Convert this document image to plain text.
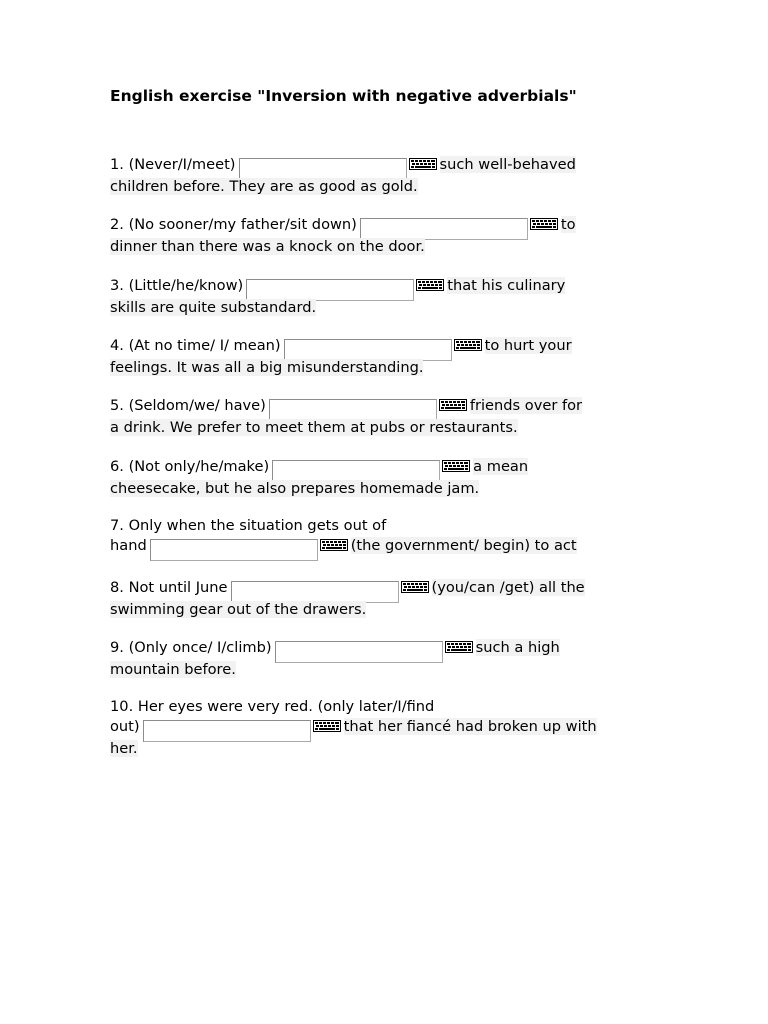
English exercise "Inversion with negative adverbials"
1. (Never/I/meet)	such well-behaved
children before. They are as good as gold.
2. (No sooner/my father/sit down)	to
dinner than there was a knock on the door.
3. (Little/he/know)	that his culinary
skills are quite substandard.
4. (At no time/ I/ mean)	to hurt your
feelings. It was all a big misunderstanding.
5. (Seldom/we/ have)	friends over for
a drink. We prefer to meet them at pubs or restaurants.
6. (Not only/he/make)	a mean
cheesecake, but he also prepares homemade jam.
7. Only when the situation gets out of
hand	(the government/ begin) to act
8. Not until June	(you/can /get) all the
swimming gear out of the drawers.
9. (Only once/ I/climb)	such a high
mountain before.
10. Her eyes were very red. (only later/I/find
out)	that her fiancé had broken up with
her.
